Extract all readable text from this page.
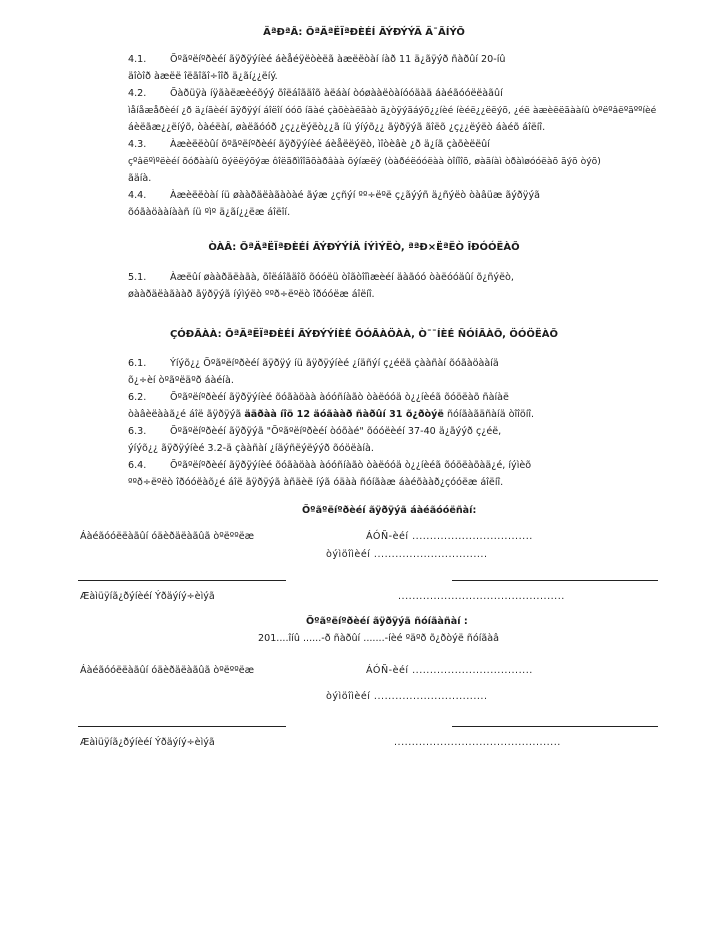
ÄªÐªÂ: ÕªÄªËÏªÐÈÉÍ ÃÝÐÝÝÄ Ä¯ÃÍÝÕ
4.1. Õºãºëíºðèéí ãÿðÿýíèé áèåéÿëòèëã àæëëòàí íàð 11 ä¿ãÿýð ñàðûí 20-íû
äîòîð àæëë îëãîãî÷îîð ä¿ãí¿¿ëíý.
4.2. Õàðüÿà íÿãàëæèéõýý õîëáîãäîõ àëáàí òóøààëòàíóóäàä áàéãóóëëàãûí
ìåíåæåðèéí ¿ð ä¿íãèéí ãÿðÿýí áîëîí óóõ íãàé çàõèàëãàò ä¿òÿýãáýõ¿¿íèé íèéë¿¿ëëýõ, ¿éë àæèëëãààíû òºëºâëºãººíèé
áèëãæ¿¿ëíýõ, òàéëàí, øàëãóóð ¿ç¿¿ëýëò¿¿ã íü ýíýõ¿¿ ãÿðÿýã ãîëõ ¿ç¿¿ëýëò áàéõ áîëíî.
4.3. Àæèëëòûí õºãºëíºðèéí ãÿðÿýíèé áèåëëýëò, ìîòèâè ¿ð ä¿íã çàõèëëûí
çºâëºìºëèéí õóðààíû õýëëýõýæ ôîëãðìîîãõàðâàà õýíæëý (òàðéëóóëàà òîíîîõ, øàãíàì òðàìøóóëàõ ãýõ òýõ)
ãäíà.
4.4. Àæèëëòàí íü øààðäëàãàòàé ãýæ ¿çñýí ºº÷ëºë ç¿ãýýñ ä¿ñýëò òàâüæ ãýðÿýã
õóãàöààíààñ íü ºìº ä¿ãí¿¿ëæ áîëîí.
ÒÀÂ: ÕªÄªËÏªÐÈÉÍ ÃÝÐÝÝÍÄ ÍÝÌÝËÒ, ªªÐ×ËªËÒ ÎÐÓÓËÀÕ
5.1. Àæëûí øààðäëàãà, õîëáîãäîõ õóóëü òîãòîîìæèéí äàãóó òàëóóäûí õ¿ñýëò,
øààðäëàãààð ãÿðÿýã íýìýëò ººð÷ëºëò îðóóëæ áîëíî.
ÇÓÐÃÀÀ: ÕªÄªËÏªÐÈÉÍ ÃÝÐÝÝÍÈÉ ÕÓÃÀÖÀÀ, Ò¯¯ÍÈÉ ÑÓÍÃÀÕ, ÖÓÖËÀÕ
6.1. Ýíýõ¿¿ Õºãºëíºðèéí ãÿðÿý íü ãÿðÿýíèé ¿íäñýí ç¿éëä çààñàí õóãàöààíä
õ¿÷èí òºãºëäºð áàéíà.
6.2. Õºãºëíºðèéí ãÿðÿýíèé õóãàöàà àóóñíàãò òàëóóä ò¿¿íèéã õóöëàõ ñàíàë
òàâèëààã¿é áîë ãÿðÿýã ääðàà íîö 12 äóãààð ñàðûí 31 õ¿ðòýë ñóíãàãäñàíä òîîöíî.
6.3. Õºãºëíºðèéí ãÿðÿýã "Õºãºëíºðèéí òóõàé" õóóëèéí 37-40 ä¿ãýýð ç¿éë,
ýíýõ¿¿ ãÿðÿýíèé 3.2-ä çààñàí ¿íäýñëýëýýð õóöëàíà.
6.4. Õºãºëíºðèéí ãÿðÿýíèé õóãàöàà àóóñíàãò òàëóóä ò¿¿íèéã õóöëàõàä¿é, íýìèõ
ººð÷ëºëò îðóóëàõ¿é áîë ãÿðÿýã àñäèë íýã óäàà ñóíãàæ áàéõààð¿çóóëæ áîëíî.
Õºãºëíºðèéí ãÿðÿýã áàéãóóëñàí:
Áàéãóóëëàãûí óäèðäëàãûã òºëººëæ	ÁÓÑ-èéí ..................................
òýìöîìèéí ................................
Æàìüÿíã¿ðýíèéí Ýðäýíý÷èìýã	...............................................
Õºãºëíºðèéí ãÿðÿýã ñóíãàñàí :
201....îíû ......-ð ñàðûí .......-íèé ºäºð õ¿ðòýë ñóíãàâ
Áàéãóóëëàãûí óäèðäëàãûã òºëººëæ	ÁÓÑ-èéí ..................................
òýìöîìèéí ................................
Æàìüÿíã¿ðýíèéí Ýðäýíý÷èìýã	...............................................
